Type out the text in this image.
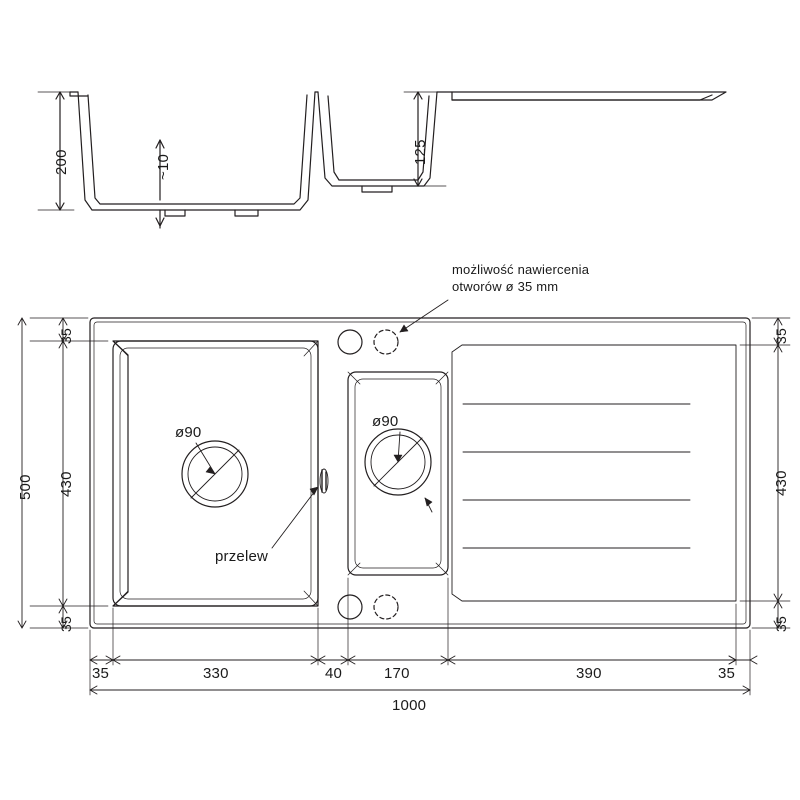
200	~10
125
możliwość nawiercenia
otworów ø 35 mm
35
430
35
500
35
430
35
ø90
ø90
przelew
35	330	40	170	390	35
1000
